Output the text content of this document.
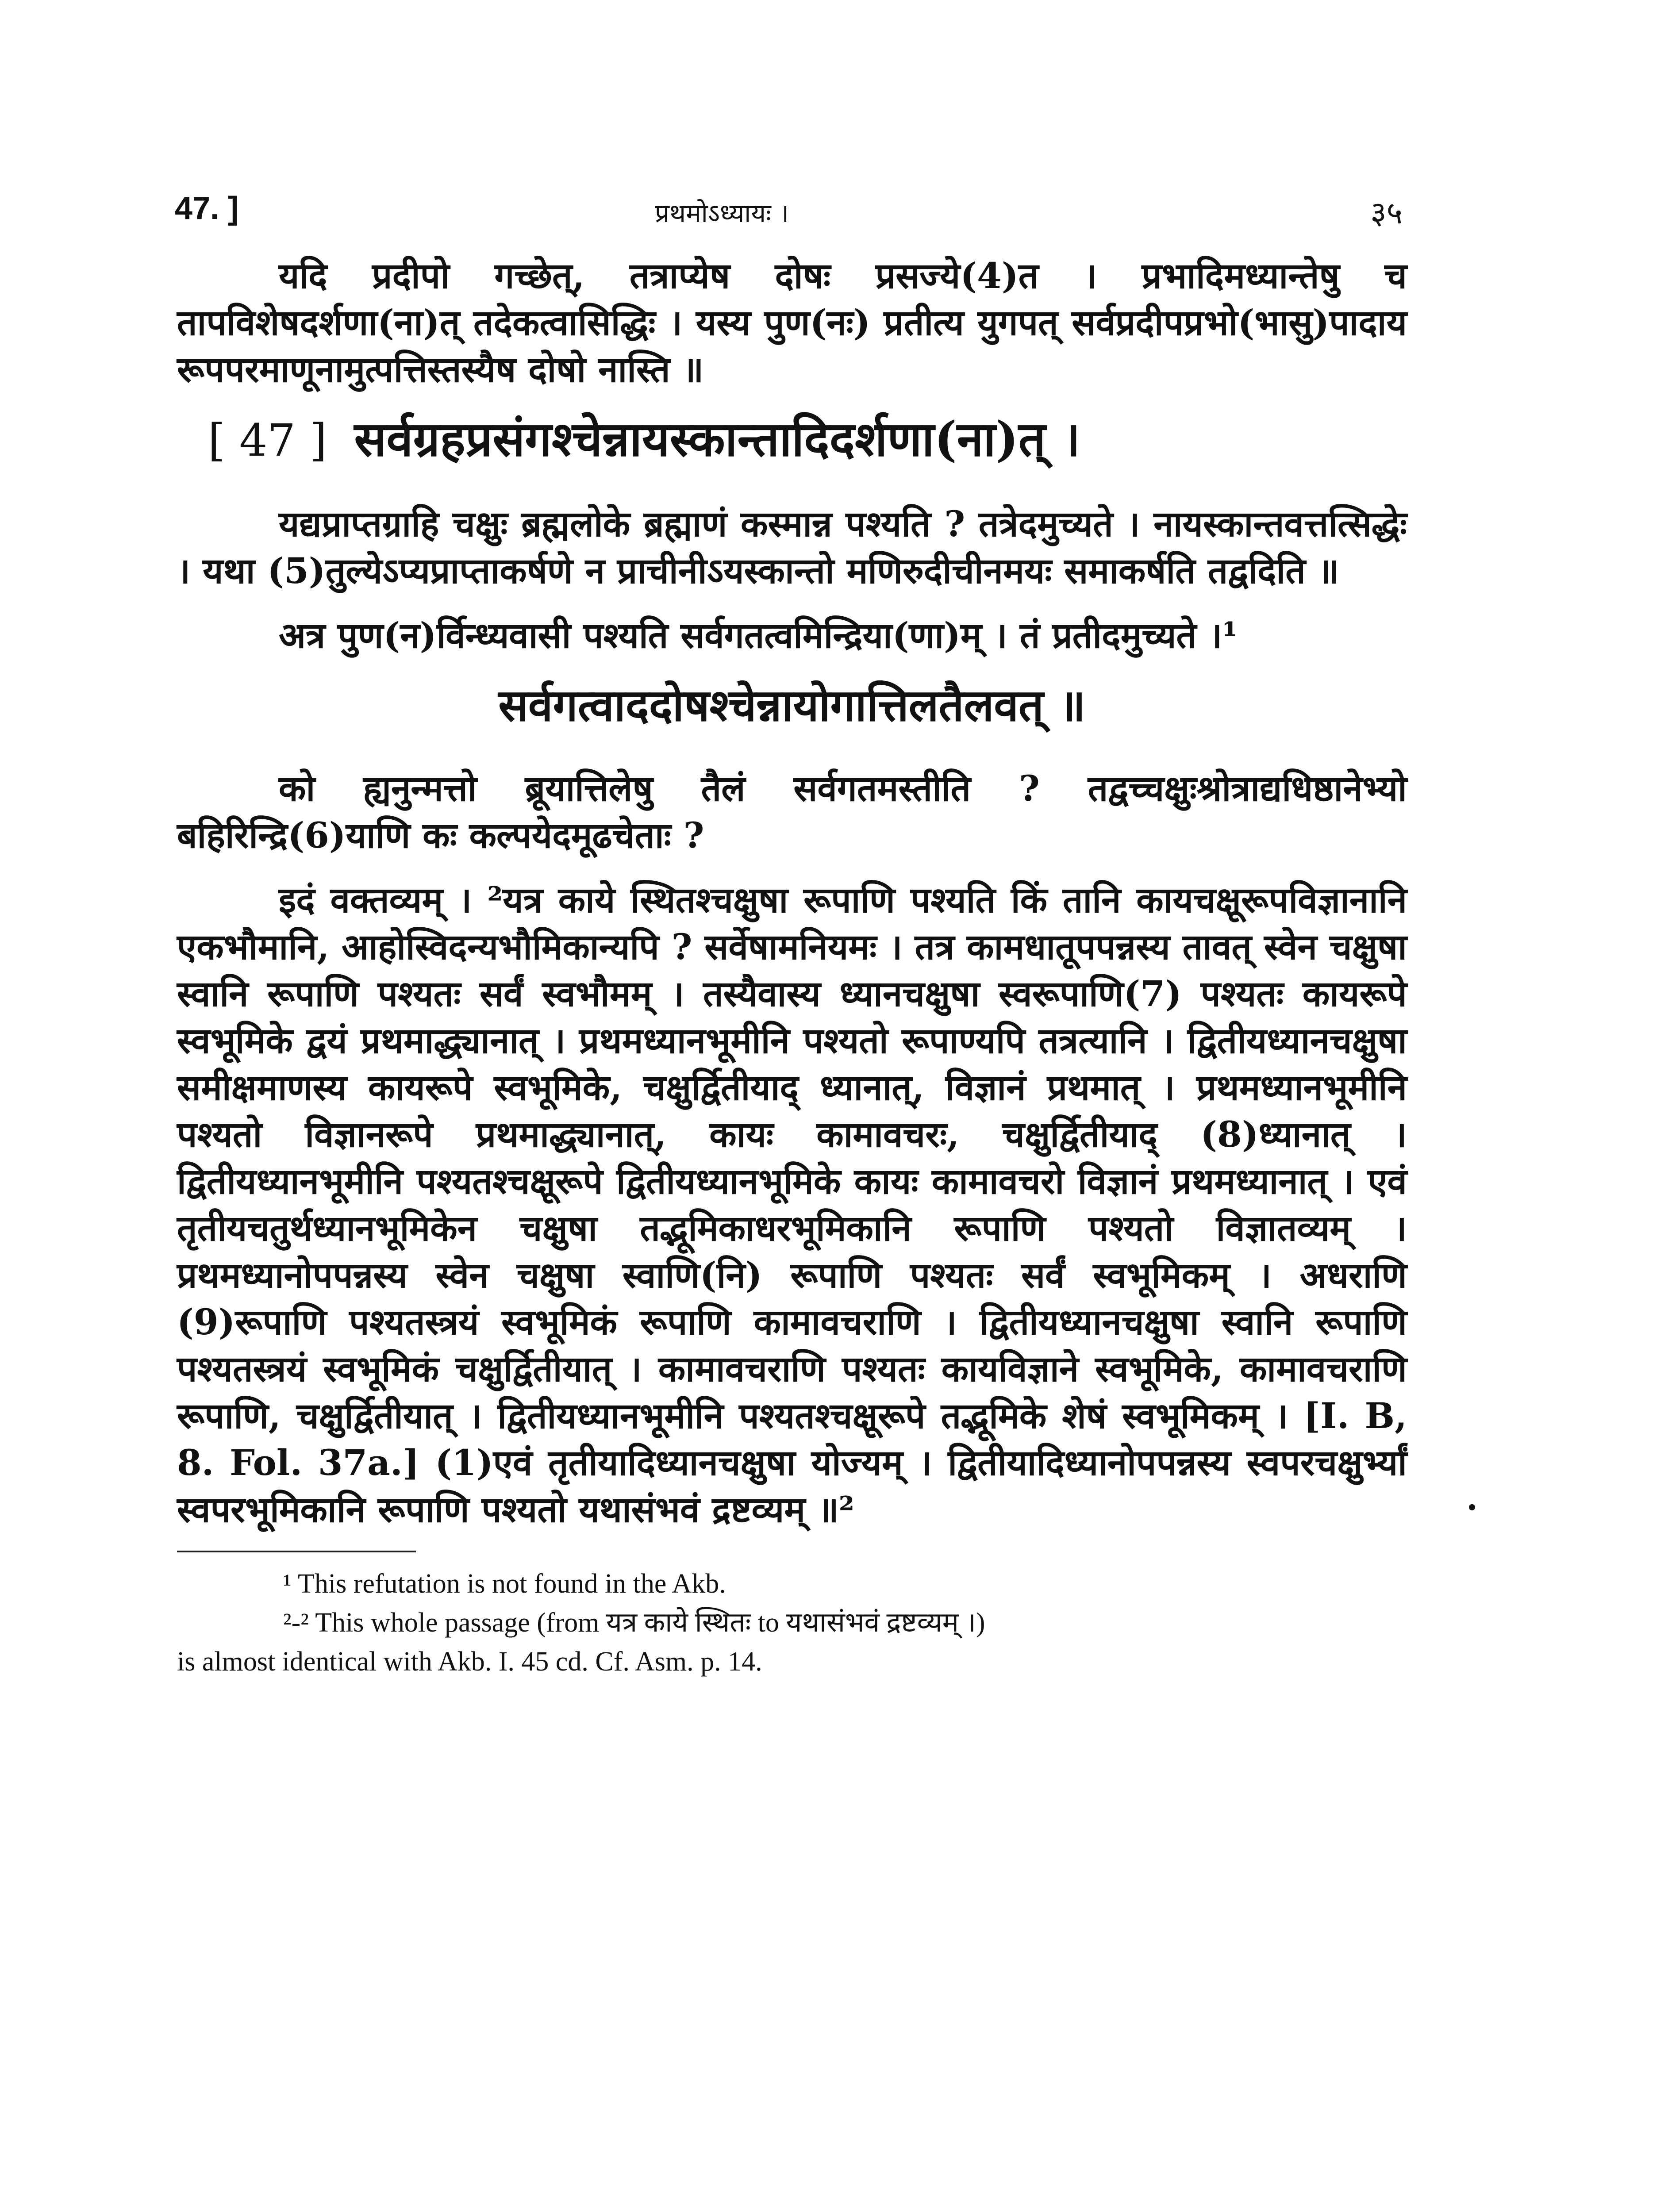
47. ]	प्रथमोऽध्यायः ।	३५

यदि प्रदीपो गच्छेत्, तत्राप्येष दोषः प्रसज्ये(4)त । प्रभादिमध्यान्तेषु च तापविशेषदर्शणा(ना)त् तदेकत्वासिद्धिः । यस्य पुण(नः) प्रतीत्य युगपत् सर्वप्रदीपप्रभो(भासु)पादाय रूपपरमाणूनामुत्पत्तिस्तस्यैष दोषो नास्ति ॥

[ 47 ] सर्वग्रहप्रसंगश्चेन्नायस्कान्तादिदर्शणा(ना)त् ।

यद्यप्राप्तग्राहि चक्षुः ब्रह्मलोके ब्रह्माणं कस्मान्न पश्यति ? तत्रेदमुच्यते । नायस्कान्तवत्तत्सिद्धेः । यथा (5)तुल्येऽप्यप्राप्ताकर्षणे न प्राचीनीऽयस्कान्तो मणिरुदीचीनमयः समाकर्षति तद्वदिति ॥

अत्र पुण(न)र्विन्ध्यवासी पश्यति सर्वगतत्वमिन्द्रिया(णा)म् । तं प्रतीदमुच्यते ।¹

सर्वगत्वाददोषश्चेन्नायोगात्तिलतैलवत् ॥

को ह्यनुन्मत्तो ब्रूयात्तिलेषु तैलं सर्वगतमस्तीति ? तद्वच्चक्षुःश्रोत्राद्यधिष्ठानेभ्यो बहिरिन्द्रि(6)याणि कः कल्पयेदमूढचेताः ?

इदं वक्तव्यम् । ²यत्र काये स्थितश्चक्षुषा रूपाणि पश्यति किं तानि कायचक्षूरूपविज्ञानानि एकभौमानि, आहोस्विदन्यभौमिकान्यपि ? सर्वेषामनियमः । तत्र कामधातूपपन्नस्य तावत् स्वेन चक्षुषा स्वानि रूपाणि पश्यतः सर्वं स्वभौमम् । तस्यैवास्य ध्यानचक्षुषा स्वरूपाणि(7) पश्यतः कायरूपे स्वभूमिके द्वयं प्रथमाद्ध्यानात् । प्रथमध्यानभूमीनि पश्यतो रूपाण्यपि तत्रत्यानि । द्वितीयध्यानचक्षुषा समीक्षमाणस्य कायरूपे स्वभूमिके, चक्षुर्द्वितीयाद् ध्यानात्, विज्ञानं प्रथमात् । प्रथमध्यानभूमीनि पश्यतो विज्ञानरूपे प्रथमाद्ध्यानात्, कायः कामावचरः, चक्षुर्द्वितीयाद् (8)ध्यानात् । द्वितीयध्यानभूमीनि पश्यतश्चक्षूरूपे द्वितीयध्यानभूमिके कायः कामावचरो विज्ञानं प्रथमध्यानात् । एवं तृतीयचतुर्थध्यानभूमिकेन चक्षुषा तद्भूमिकाधरभूमिकानि रूपाणि पश्यतो विज्ञातव्यम् । प्रथमध्यानोपपन्नस्य स्वेन चक्षुषा स्वाणि(नि) रूपाणि पश्यतः सर्वं स्वभूमिकम् । अधराणि (9)रूपाणि पश्यतस्त्रयं स्वभूमिकं रूपाणि कामावचराणि । द्वितीयध्यानचक्षुषा स्वानि रूपाणि पश्यतस्त्रयं स्वभूमिकं चक्षुर्द्वितीयात् । कामावचराणि पश्यतः कायविज्ञाने स्वभूमिके, कामावचराणि रूपाणि, चक्षुर्द्वितीयात् । द्वितीयध्यानभूमीनि पश्यतश्चक्षूरूपे तद्भूमिके शेषं स्वभूमिकम् । [I. B, 8. Fol. 37a.] (1)एवं तृतीयादिध्यानचक्षुषा योज्यम् । द्वितीयादिध्यानोपपन्नस्य स्वपरचक्षुर्भ्यां स्वपरभूमिकानि रूपाणि पश्यतो यथासंभवं द्रष्टव्यम् ॥²

¹ This refutation is not found in the Akb.

²-² This whole passage (from यत्र काये स्थितः to यथासंभवं द्रष्टव्यम् ।)

is almost identical with Akb. I. 45 cd. Cf. Asm. p. 14.
